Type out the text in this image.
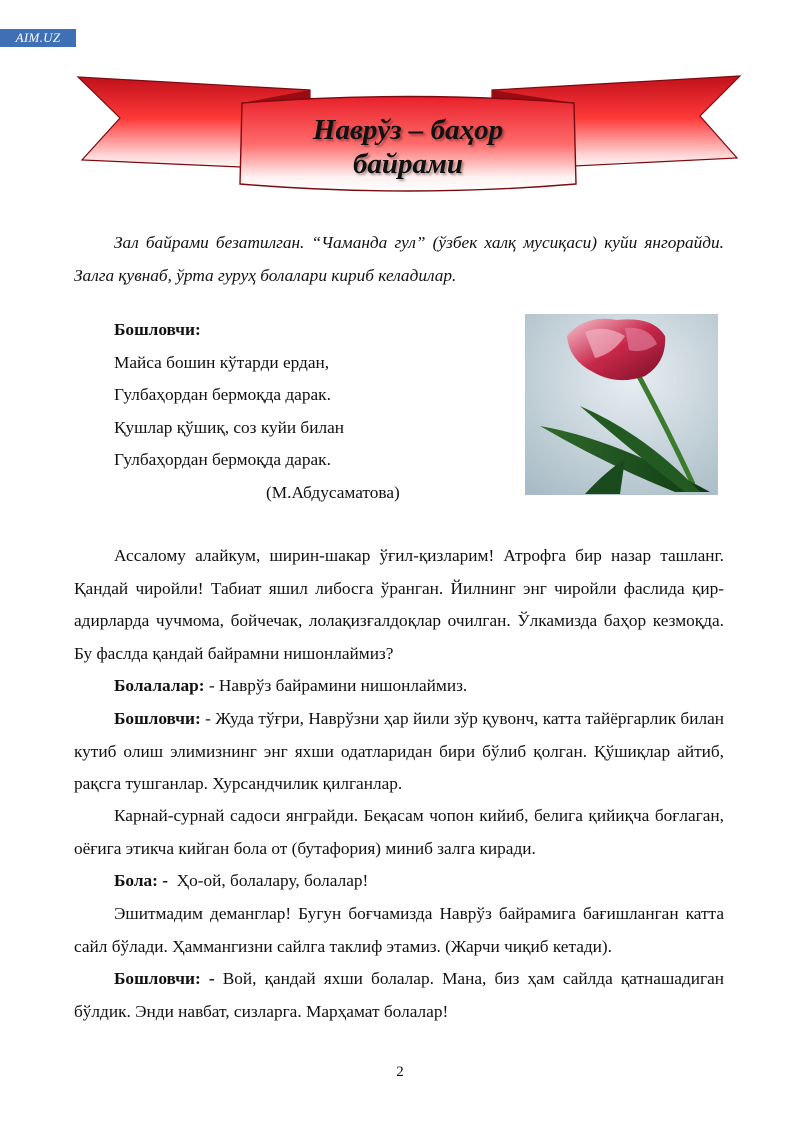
AIM.UZ
Наврўз – баҳор
байрами

Зал байрами безатилган. “Чаманда гул” (ўзбек халқ мусиқаси) куйи янгорайди. Залга қувнаб, ўрта гуруҳ болалари кириб келадилар.

Бошловчи:
Майса бошин кўтарди ердан,
Гулбаҳордан бермоқда дарак.
Қушлар қўшиқ, соз куйи билан
Гулбаҳордан бермоқда дарак.
(М.Абдусаматова)

Ассалому алайкум, ширин-шакар ўғил-қизларим! Атрофга бир назар ташланг. Қандай чиройли! Табиат яшил либосга ўранган. Йилнинг энг чиройли фаслида қир-адирларда чучмома, бойчечак, лолақизғалдоқлар очилган. Ўлкамизда баҳор кезмоқда. Бу фаслда қандай байрамни нишонлаймиз?

Болалалар: - Наврўз байрамини нишонлаймиз.

Бошловчи: - Жуда тўғри, Наврўзни ҳар йили зўр қувонч, катта тайёргарлик билан кутиб олиш элимизнинг энг яхши одатларидан бири бўлиб қолган. Қўшиқлар айтиб, рақсга тушганлар. Хурсандчилик қилганлар.

Карнай-сурнай садоси янграйди. Беқасам чопон кийиб, белига қийиқча боғлаган, оёғига этикча кийган бола от (бутафория) миниб залга киради.

Бола: -  Ҳо-ой, болалару, болалар!

Эшитмадим деманглар! Бугун боғчамизда Наврўз байрамига бағишланган катта сайл бўлади. Ҳаммангизни сайлга таклиф этамиз. (Жарчи чиқиб кетади).

Бошловчи: - Вой, қандай яхши болалар. Мана, биз ҳам сайлда қатнашадиган бўлдик. Энди навбат, сизларга. Марҳамат болалар!

2
